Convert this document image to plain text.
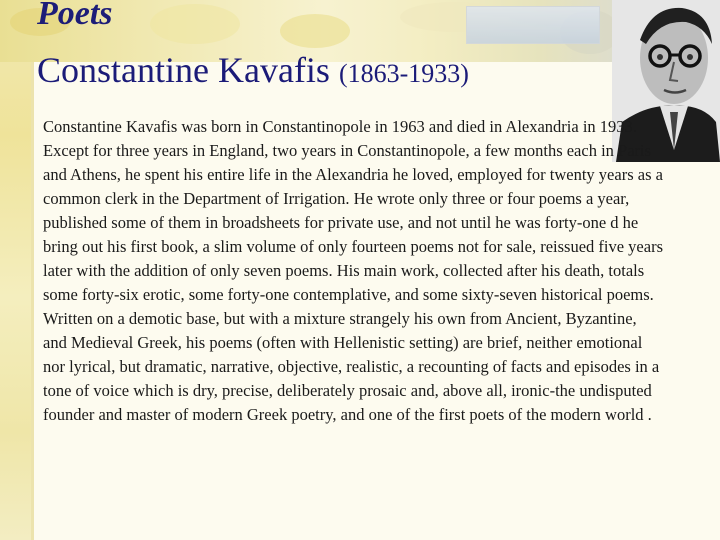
Poets
Constantine Kavafis (1863-1933)

Constantine Kavafis was born in Constantinopole in 1963 and died in Alexandria in 1933. Except for three years in England, two years in Constantinopole, a few months each in Paris and Athens, he spent his entire life in the Alexandria he loved, employed for twenty years as a common clerk in the Department of Irrigation. He wrote only three or four poems a year, published some of them in broadsheets for private use, and not until he was forty-one d he bring out his first book, a slim volume of only fourteen poems not for sale, reissued five years later with the addition of only seven poems. His main work, collected after his death, totals some forty-six erotic, some forty-one contemplative, and some sixty-seven historical poems. Written on a demotic base, but with a mixture strangely his own from Ancient, Byzantine, and Medieval Greek, his poems (often with Hellenistic setting) are brief, neither emotional nor lyrical, but dramatic, narrative, objective, realistic, a recounting of facts and episodes in a tone of voice which is dry, precise, deliberately prosaic and, above all, ironic-the undisputed founder and master of modern Greek poetry, and one of the first poets of the modern world .
